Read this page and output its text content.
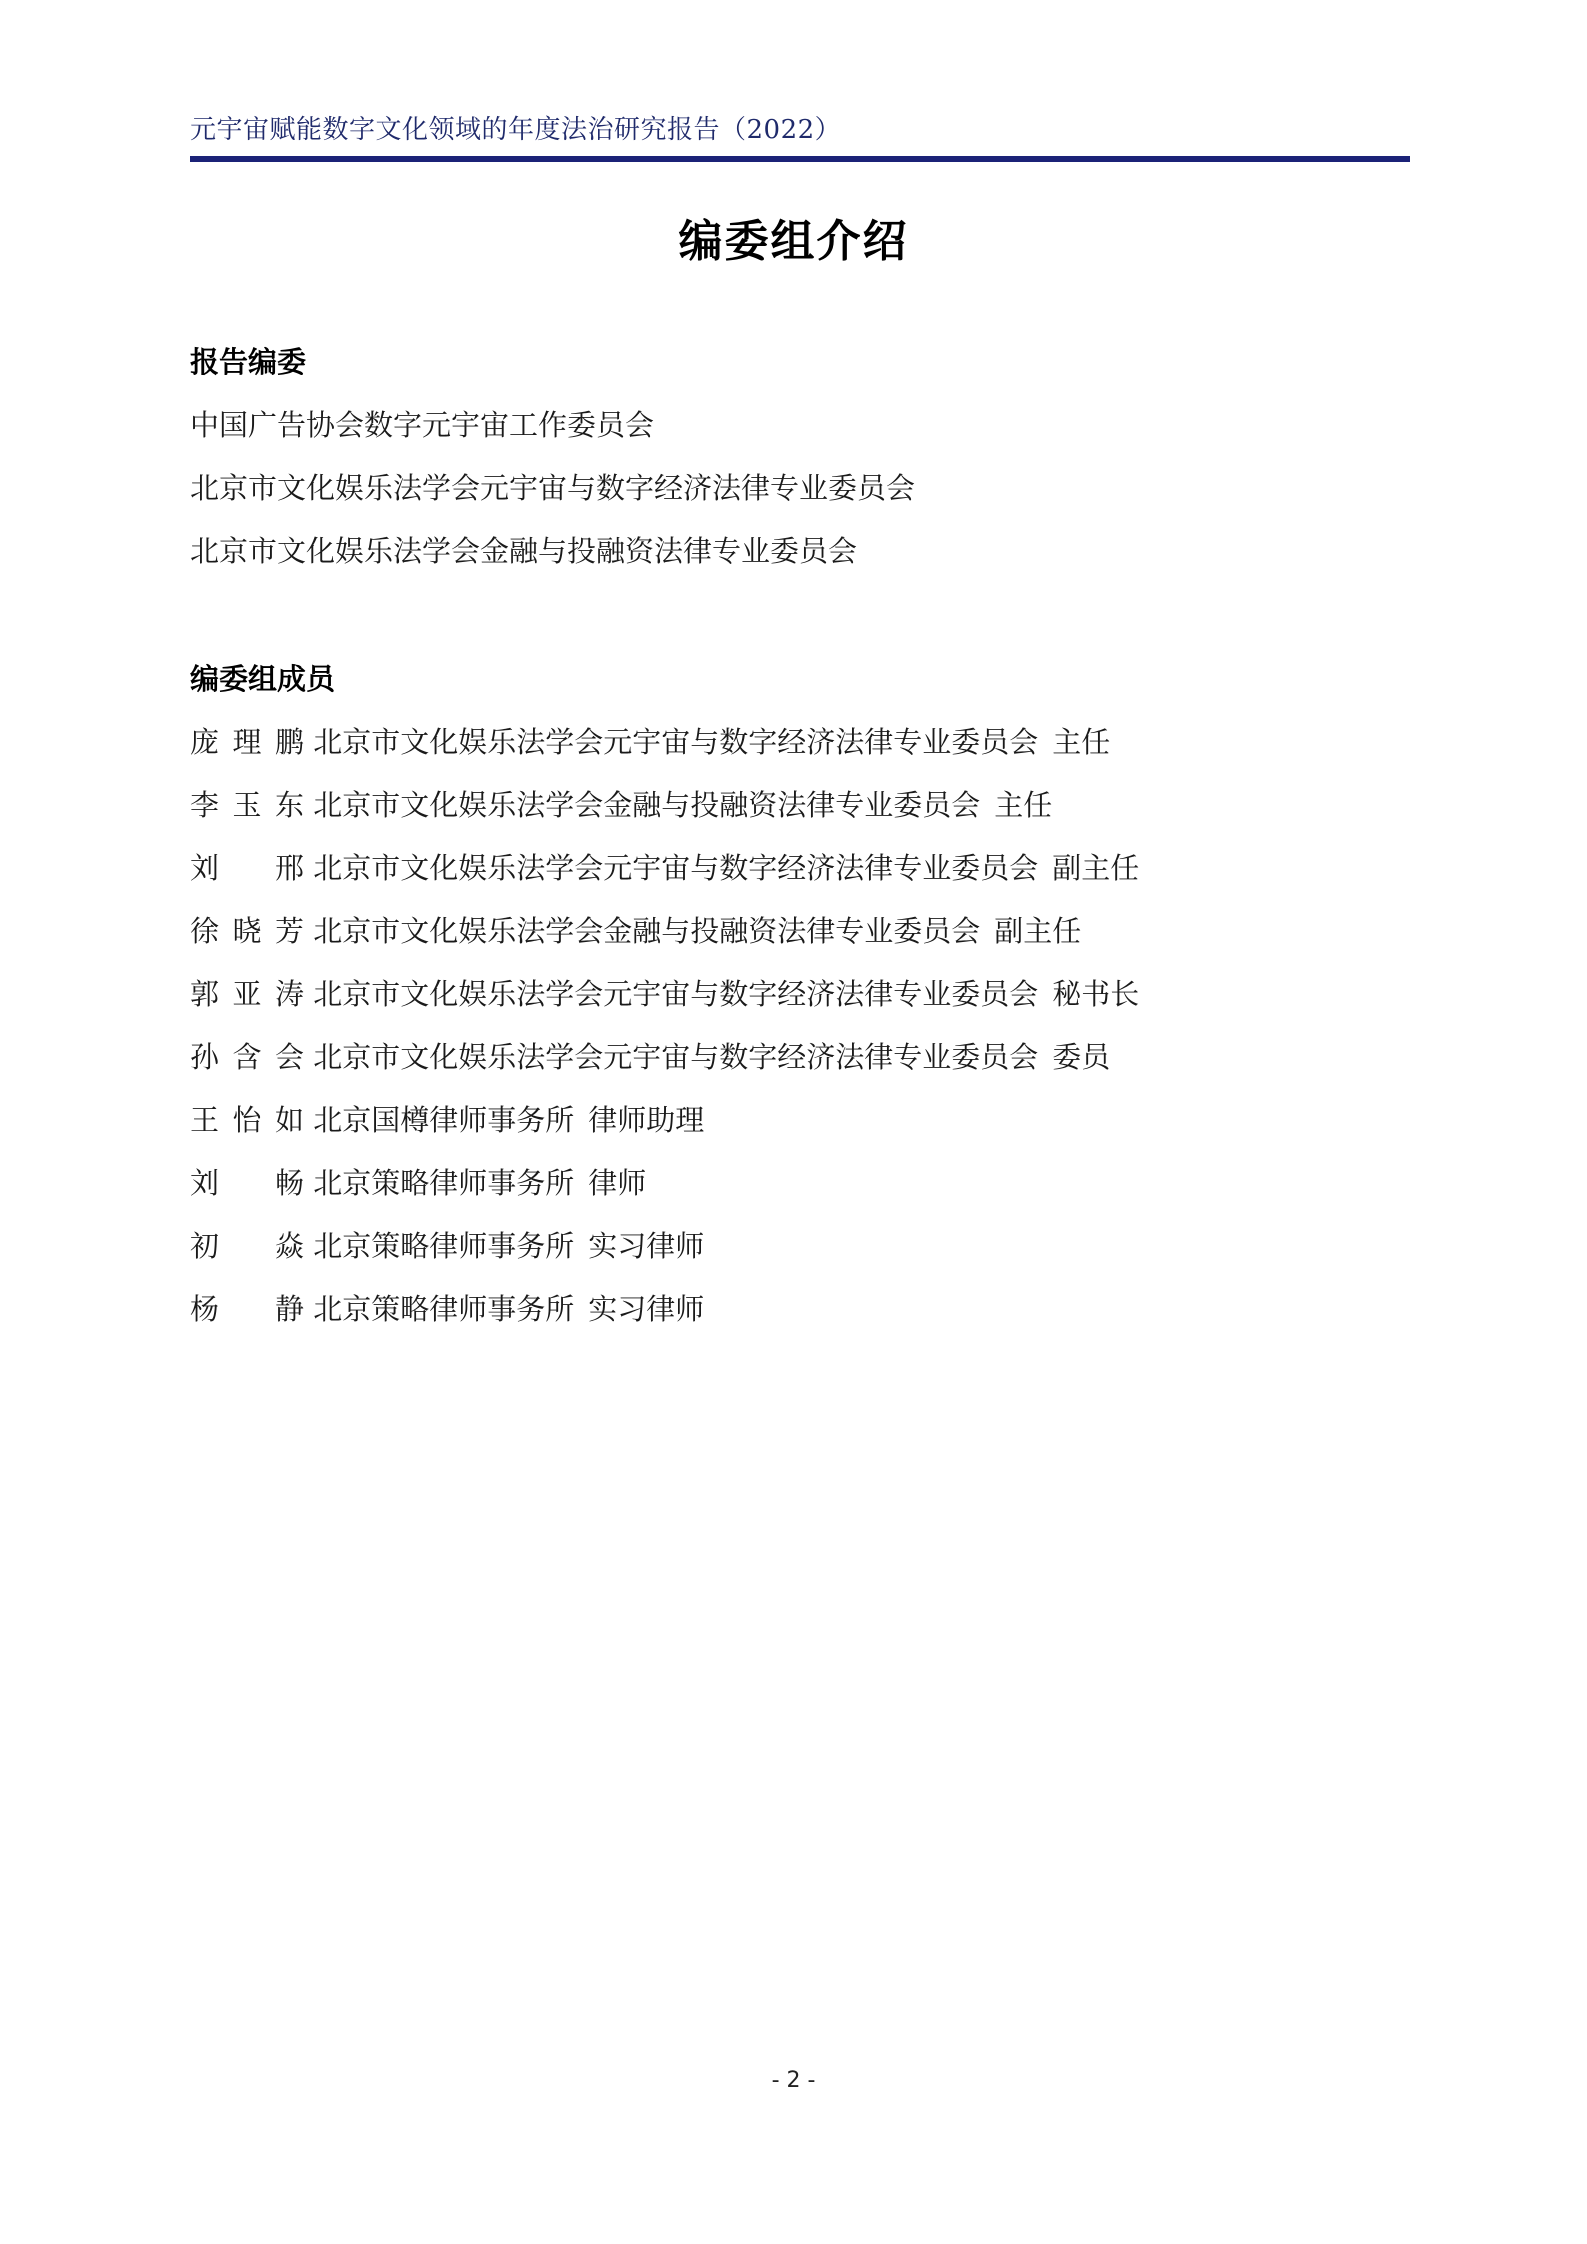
元宇宙赋能数字文化领域的年度法治研究报告（2022）
编委组介绍
报告编委
中国广告协会数字元宇宙工作委员会
北京市文化娱乐法学会元宇宙与数字经济法律专业委员会
北京市文化娱乐法学会金融与投融资法律专业委员会
编委组成员
庞理鹏 北京市文化娱乐法学会元宇宙与数字经济法律专业委员会 主任
李玉东 北京市文化娱乐法学会金融与投融资法律专业委员会 主任
刘邢 北京市文化娱乐法学会元宇宙与数字经济法律专业委员会 副主任
徐晓芳 北京市文化娱乐法学会金融与投融资法律专业委员会 副主任
郭亚涛 北京市文化娱乐法学会元宇宙与数字经济法律专业委员会 秘书长
孙含会 北京市文化娱乐法学会元宇宙与数字经济法律专业委员会 委员
王怡如 北京国樽律师事务所 律师助理
刘畅 北京策略律师事务所 律师
初焱 北京策略律师事务所 实习律师
杨静 北京策略律师事务所 实习律师
- 2 -
